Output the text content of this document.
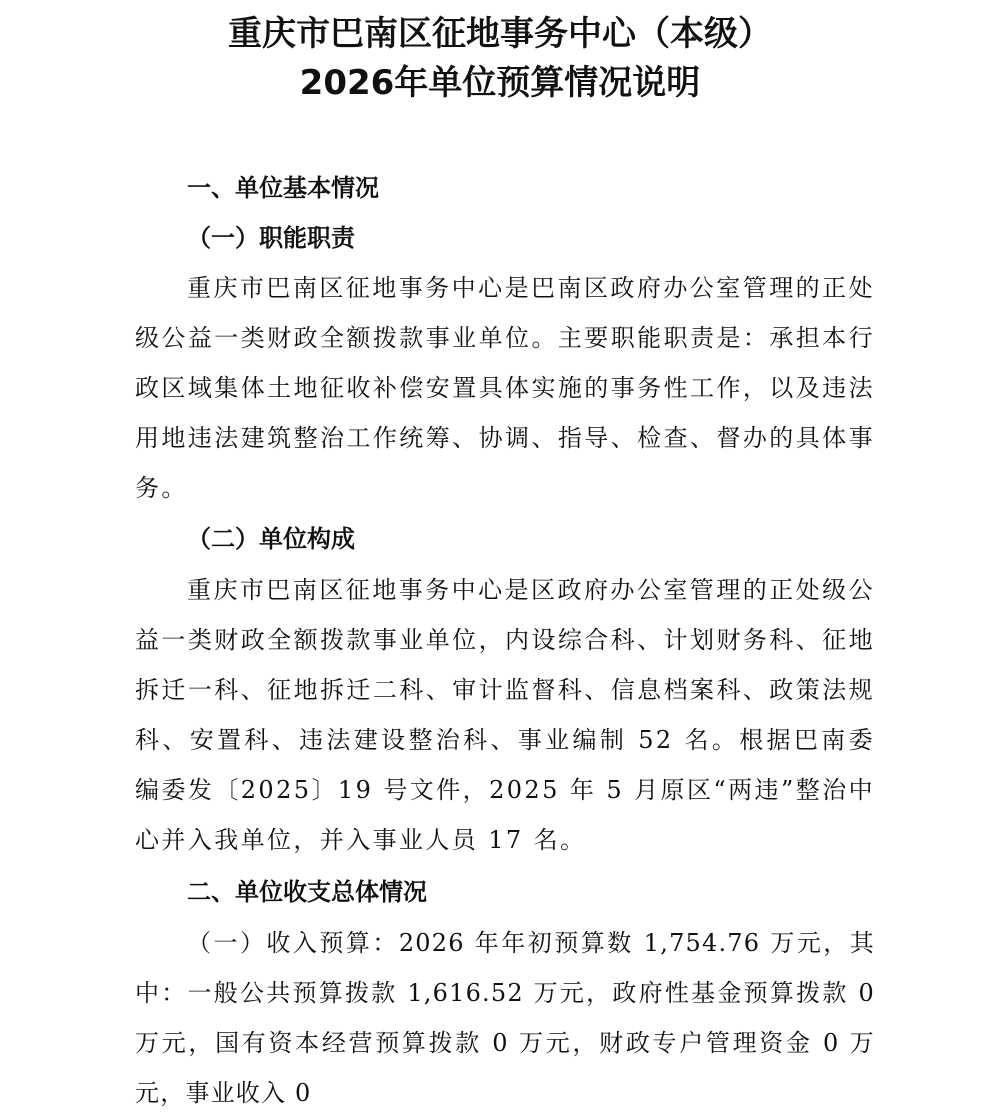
重庆市巴南区征地事务中心（本级）
2026年单位预算情况说明
一、单位基本情况
（一）职能职责

重庆市巴南区征地事务中心是巴南区政府办公室管理的正处级公益一类财政全额拨款事业单位。主要职能职责是：承担本行政区域集体土地征收补偿安置具体实施的事务性工作，以及违法用地违法建筑整治工作统筹、协调、指导、检查、督办的具体事务。

（二）单位构成

重庆市巴南区征地事务中心是区政府办公室管理的正处级公益一类财政全额拨款事业单位，内设综合科、计划财务科、征地拆迁一科、征地拆迁二科、审计监督科、信息档案科、政策法规科、安置科、违法建设整治科、事业编制 52 名。根据巴南委编委发〔2025〕19 号文件，2025 年 5 月原区“两违”整治中心并入我单位，并入事业人员 17 名。

二、单位收支总体情况

（一）收入预算：2026 年年初预算数 1,754.76 万元，其中：一般公共预算拨款 1,616.52 万元，政府性基金预算拨款 0 万元，国有资本经营预算拨款 0 万元，财政专户管理资金 0 万元，事业收入 0
